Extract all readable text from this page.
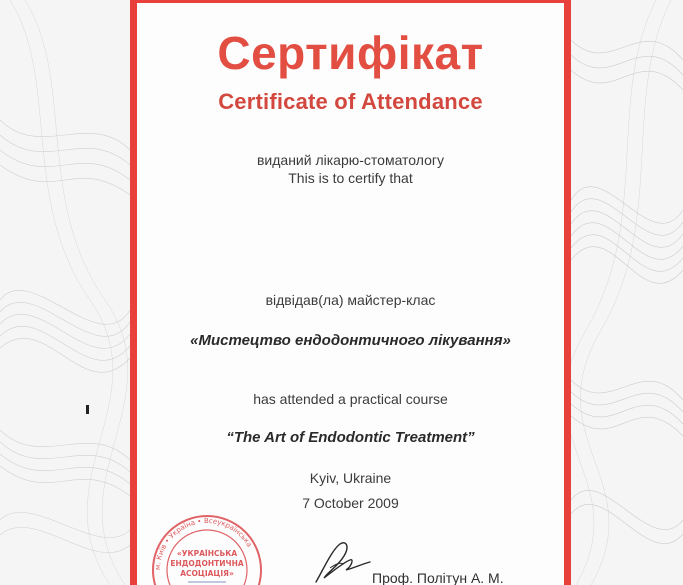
Сертифікат
Certificate of Attendance

виданий лікарю-стоматологу

This is to certify that

відвідав(ла) майстер-клас

«Мистецтво ендодонтичного лікування»

has attended a practical course

“The Art of Endodontic Treatment”

Kyiv, Ukraine

7 October 2009

м. Київ • Україна • Всеукраїнська
«УКРАЇНСЬКА
ЕНДОДОНТИЧНА
АСОЦІАЦІЯ»	Проф. Політун А. М.
